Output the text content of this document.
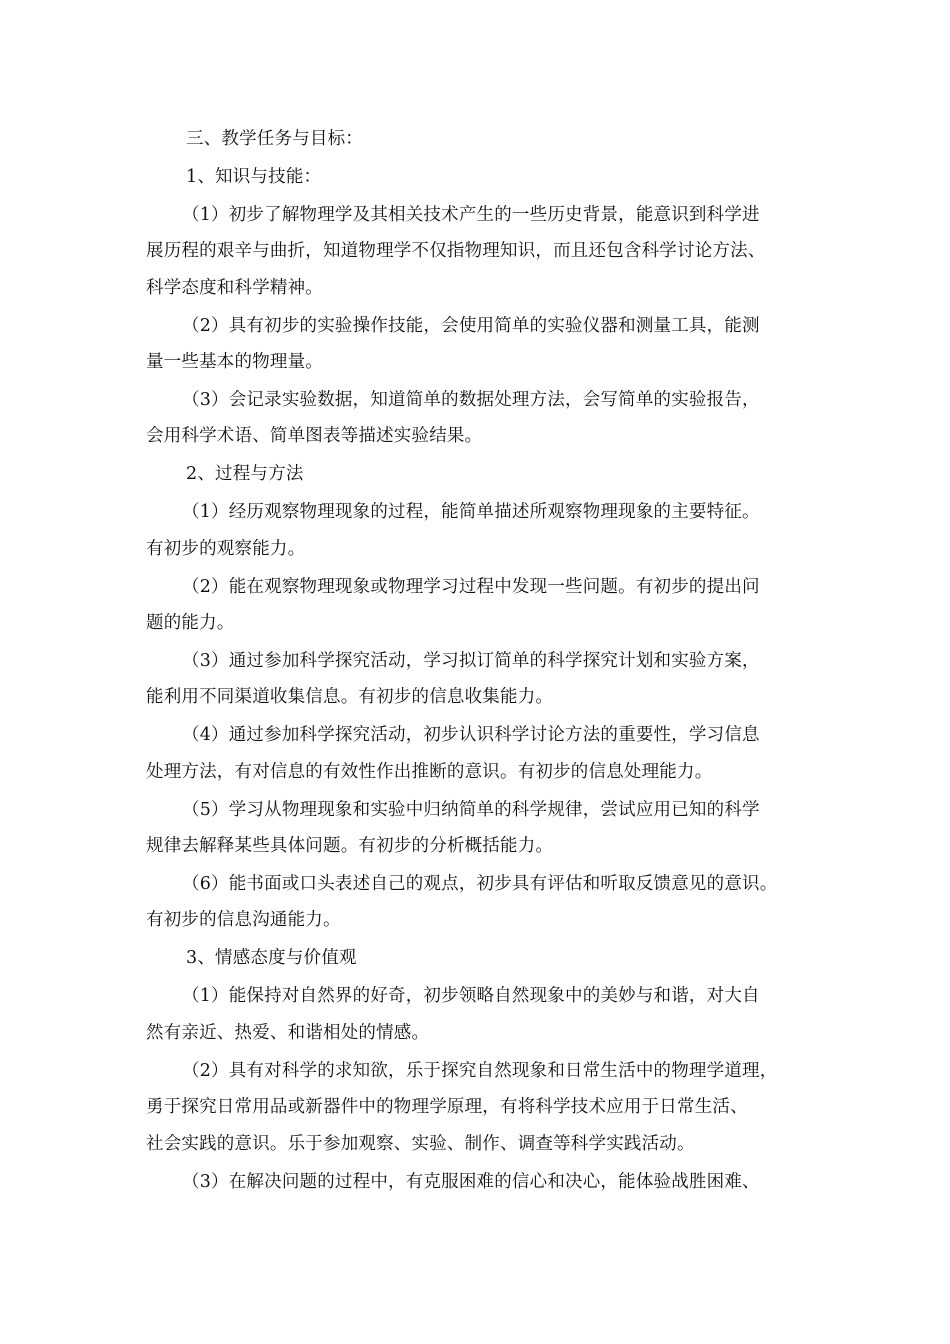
三、教学任务与目标：
1、知识与技能：
（1）初步了解物理学及其相关技术产生的一些历史背景，能意识到科学进
展历程的艰辛与曲折，知道物理学不仅指物理知识，而且还包含科学讨论方法、
科学态度和科学精神。
（2）具有初步的实验操作技能，会使用简单的实验仪器和测量工具，能测
量一些基本的物理量。
（3）会记录实验数据，知道简单的数据处理方法，会写简单的实验报告，
会用科学术语、简单图表等描述实验结果。
2、过程与方法
（1）经历观察物理现象的过程，能简单描述所观察物理现象的主要特征。
有初步的观察能力。
（2）能在观察物理现象或物理学习过程中发现一些问题。有初步的提出问
题的能力。
（3）通过参加科学探究活动，学习拟订简单的科学探究计划和实验方案，
能利用不同渠道收集信息。有初步的信息收集能力。
（4）通过参加科学探究活动，初步认识科学讨论方法的重要性，学习信息
处理方法，有对信息的有效性作出推断的意识。有初步的信息处理能力。
（5）学习从物理现象和实验中归纳简单的科学规律，尝试应用已知的科学
规律去解释某些具体问题。有初步的分析概括能力。
（6）能书面或口头表述自己的观点，初步具有评估和听取反馈意见的意识。
有初步的信息沟通能力。
3、情感态度与价值观
（1）能保持对自然界的好奇，初步领略自然现象中的美妙与和谐，对大自
然有亲近、热爱、和谐相处的情感。
（2）具有对科学的求知欲，乐于探究自然现象和日常生活中的物理学道理，
勇于探究日常用品或新器件中的物理学原理，有将科学技术应用于日常生活、
社会实践的意识。乐于参加观察、实验、制作、调查等科学实践活动。
（3）在解决问题的过程中，有克服困难的信心和决心，能体验战胜困难、
